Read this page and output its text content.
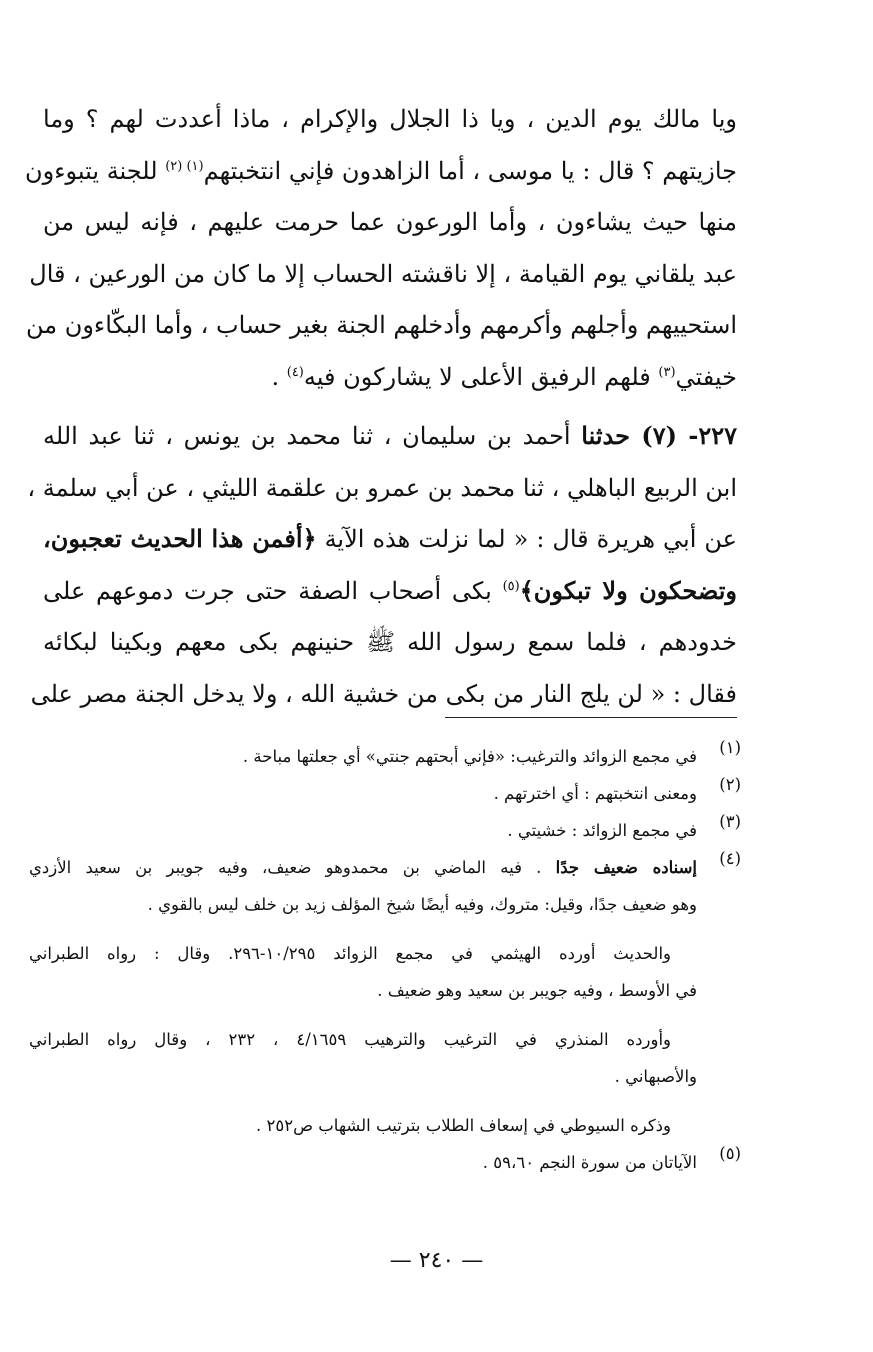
ويا مالك يوم الدين ، ويا ذا الجلال والإكرام ، ماذا أعددت لهم ؟ وما
جازيتهم ؟ قال : يا موسى ، أما الزاهدون فإني انتخبتهم$^{(١) (٢)}$ للجنة يتبوءون
منها حيث يشاءون ، وأما الورعون عما حرمت عليهم ، فإنه ليس من
عبد يلقاني يوم القيامة ، إلا ناقشته الحساب إلا ما كان من الورعين ، قال
استحييهم وأجلهم وأكرمهم وأدخلهم الجنة بغير حساب ، وأما البكّاءون من
خيفتي$^{(٣)}$ فلهم الرفيق الأعلى لا يشاركون فيه$^{(٤)}$ .
٢٢٧- (٧) حدثنا أحمد بن سليمان ، ثنا محمد بن يونس ، ثنا عبد الله
ابن الربيع الباهلي ، ثنا محمد بن عمرو بن علقمة الليثي ، عن أبي سلمة ،
عن أبي هريرة قال : « لما نزلت هذه الآية ﴿أفمن هذا الحديث تعجبون،
وتضحكون ولا تبكون﴾$^{(٥)}$ بكى أصحاب الصفة حتى جرت دموعهم على
خدودهم ، فلما سمع رسول الله ﷺ حنينهم بكى معهم وبكينا لبكائه
فقال : « لن يلج النار من بكى من خشية الله ، ولا يدخل الجنة مصر على
(١)
في مجمع الزوائد والترغيب: «فإني أبحتهم جنتي» أي جعلتها مباحة .
(٢)
ومعنى انتخبتهم : أي اخترتهم .
(٣)
في مجمع الزوائد : خشيتي .
(٤)
إسناده ضعيف جدًا . فيه الماضي بن محمدوهو ضعيف، وفيه جويبر بن سعيد الأزدي
وهو ضعيف جدًا، وقيل: متروك، وفيه أيضًا شيخ المؤلف زيد بن خلف ليس بالقوي .
والحديث أورده الهيثمي في مجمع الزوائد ١٠/٢٩٥-٢٩٦. وقال : رواه الطبراني
في الأوسط ، وفيه جويبر بن سعيد وهو ضعيف .
وأورده المنذري في الترغيب والترهيب ٤/١٦٥٩ ، ٢٣٢ ، وقال رواه الطبراني
والأصبهاني .
وذكره السيوطي في إسعاف الطلاب بترتيب الشهاب ص٢٥٢ .
(٥)
الآياتان من سورة النجم ٥٩،٦٠ .
— ٢٤٠ —
